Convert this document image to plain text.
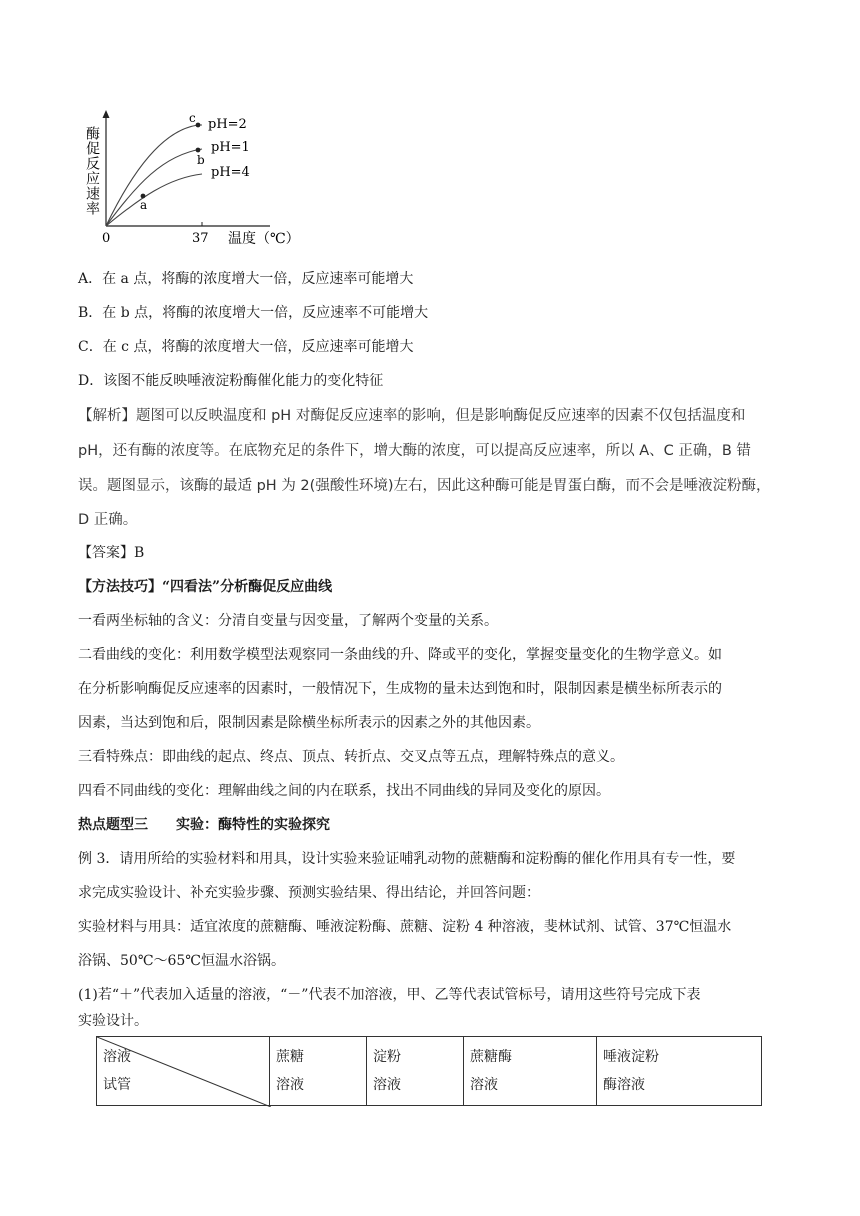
酶促反应速率
c
b
a
pH=2
pH=1
pH=4
0	37 温度（℃）
A．在 a 点，将酶的浓度增大一倍，反应速率可能增大
B．在 b 点，将酶的浓度增大一倍，反应速率不可能增大
C．在 c 点，将酶的浓度增大一倍，反应速率可能增大
D．该图不能反映唾液淀粉酶催化能力的变化特征
【解析】题图可以反映温度和 pH 对酶促反应速率的影响，但是影响酶促反应速率的因素不仅包括温度和
pH，还有酶的浓度等。在底物充足的条件下，增大酶的浓度，可以提高反应速率，所以 A、C 正确，B 错
误。题图显示，该酶的最适 pH 为 2(强酸性环境)左右，因此这种酶可能是胃蛋白酶，而不会是唾液淀粉酶，
D 正确。
【答案】B
【方法技巧】“四看法”分析酶促反应曲线
一看两坐标轴的含义：分清自变量与因变量，了解两个变量的关系。
二看曲线的变化：利用数学模型法观察同一条曲线的升、降或平的变化，掌握变量变化的生物学意义。如
在分析影响酶促反应速率的因素时，一般情况下，生成物的量未达到饱和时，限制因素是横坐标所表示的
因素，当达到饱和后，限制因素是除横坐标所表示的因素之外的其他因素。
三看特殊点：即曲线的起点、终点、顶点、转折点、交叉点等五点，理解特殊点的意义。
四看不同曲线的变化：理解曲线之间的内在联系，找出不同曲线的异同及变化的原因。
热点题型三　　实验：酶特性的实验探究
例 3．请用所给的实验材料和用具，设计实验来验证哺乳动物的蔗糖酶和淀粉酶的催化作用具有专一性，要
求完成实验设计、补充实验步骤、预测实验结果、得出结论，并回答问题：
实验材料与用具：适宜浓度的蔗糖酶、唾液淀粉酶、蔗糖、淀粉 4 种溶液，斐林试剂、试管、37℃恒温水
浴锅、50℃～65℃恒温水浴锅。
(1)若“＋”代表加入适量的溶液，“－”代表不加溶液，甲、乙等代表试管标号，请用这些符号完成下表
实验设计。
溶液
试管

蔗糖
溶液

淀粉
溶液

蔗糖酶
溶液

唾液淀粉
酶溶液
